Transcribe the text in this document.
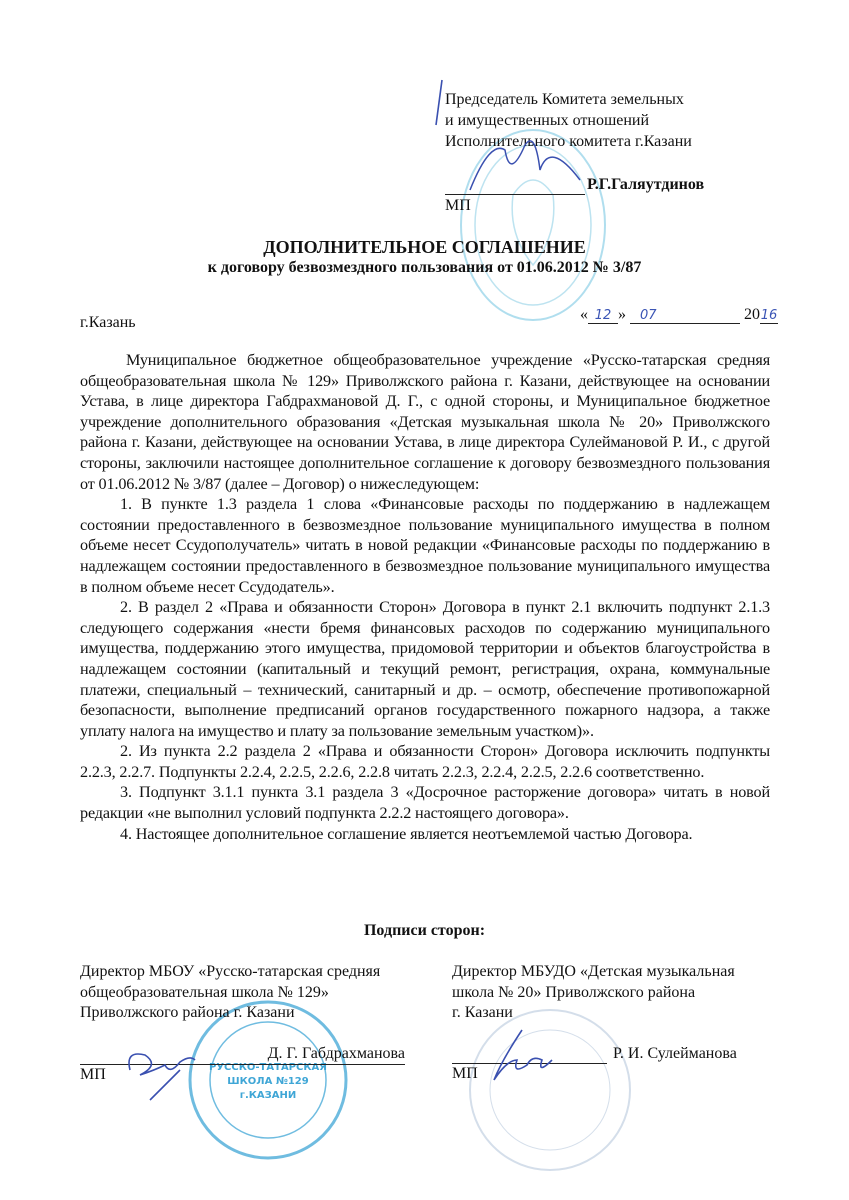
РУССКО-ТАТАРСКАЯ
ШКОЛА №129
г.КАЗАНИ
Председатель Комитета земельных
и имущественных отношений
Исполнительного комитета г.Казани
Р.Г.Галяутдинов
МП
ДОПОЛНИТЕЛЬНОЕ СОГЛАШЕНИЕ
к договору безвозмездного пользования от 01.06.2012 № 3/87
г.Казань	« 12 » 07	2016

Муниципальное бюджетное общеобразовательное учреждение «Русско-татарская средняя общеобразовательная школа № 129» Приволжского района г. Казани, действующее на основании Устава, в лице директора Габдрахмановой Д. Г., с одной стороны, и Муниципальное бюджетное учреждение дополнительного образования «Детская музыкальная школа № 20» Приволжского района г. Казани, действующее на основании Устава, в лице директора Сулеймановой Р. И., с другой стороны, заключили настоящее дополнительное соглашение к договору безвозмездного пользования от 01.06.2012 № 3/87 (далее – Договор) о нижеследующем:

1. В пункте 1.3 раздела 1 слова «Финансовые расходы по поддержанию в надлежащем состоянии предоставленного в безвозмездное пользование муниципального имущества в полном объеме несет Ссудополучатель» читать в новой редакции «Финансовые расходы по поддержанию в надлежащем состоянии предоставленного в безвозмездное пользование муниципального имущества в полном объеме несет Ссудодатель».

2. В раздел 2 «Права и обязанности Сторон» Договора в пункт 2.1 включить подпункт 2.1.3 следующего содержания «нести бремя финансовых расходов по содержанию муниципального имущества, поддержанию этого имущества, придомовой территории и объектов благоустройства в надлежащем состоянии (капитальный и текущий ремонт, регистрация, охрана, коммунальные платежи, специальный – технический, санитарный и др. – осмотр, обеспечение противопожарной безопасности, выполнение предписаний органов государственного пожарного надзора, а также уплату налога на имущество и плату за пользование земельным участком)».

2. Из пункта 2.2 раздела 2 «Права и обязанности Сторон» Договора исключить подпункты 2.2.3, 2.2.7. Подпункты 2.2.4, 2.2.5, 2.2.6, 2.2.8 читать 2.2.3, 2.2.4, 2.2.5, 2.2.6 соответственно.

3. Подпункт 3.1.1 пункта 3.1 раздела 3 «Досрочное расторжение договора» читать в новой редакции «не выполнил условий подпункта 2.2.2 настоящего договора».

4. Настоящее дополнительное соглашение является неотъемлемой частью Договора.

Подписи сторон:
Директор МБОУ «Русско-татарская средняя
общеобразовательная школа № 129»
Приволжского района г. Казани
Д. Г. Габдрахманова
МП
Директор МБУДО «Детская музыкальная
школа № 20» Приволжского района
г. Казани
Р. И. Сулейманова
МП
